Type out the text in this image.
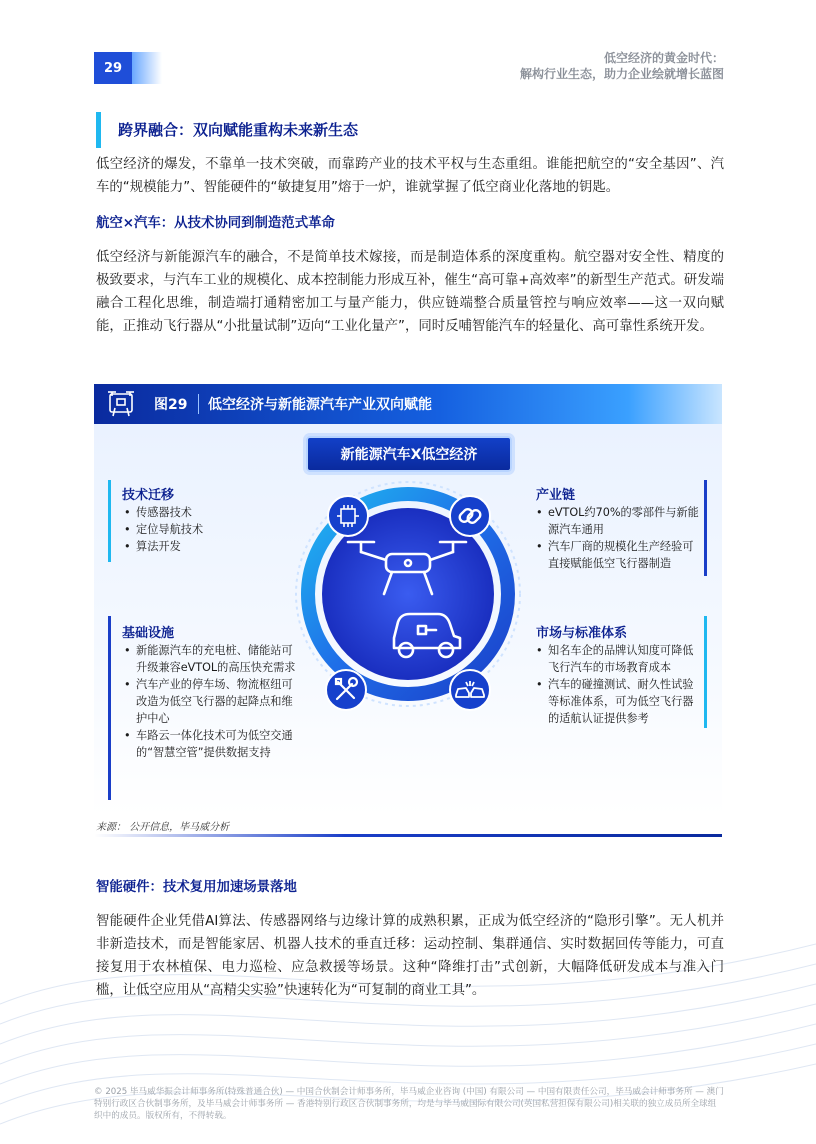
29
低空经济的黄金时代：
解构行业生态，助力企业绘就增长蓝图
跨界融合：双向赋能重构未来新生态

低空经济的爆发，不靠单一技术突破，而靠跨产业的技术平权与生态重组。谁能把航空的“安全基因”、汽车的“规模能力”、智能硬件的“敏捷复用”熔于一炉，谁就掌握了低空商业化落地的钥匙。

航空×汽车：从技术协同到制造范式革命

低空经济与新能源汽车的融合，不是简单技术嫁接，而是制造体系的深度重构。航空器对安全性、精度的极致要求，与汽车工业的规模化、成本控制能力形成互补，催生“高可靠+高效率”的新型生产范式。研发端融合工程化思维，制造端打通精密加工与量产能力，供应链端整合质量管控与响应效率——这一双向赋能，正推动飞行器从“小批量试制”迈向“工业化量产”，同时反哺智能汽车的轻量化、高可靠性系统开发。

图29 低空经济与新能源汽车产业双向赋能
新能源汽车X低空经济
技术迁移
• 传感器技术
• 定位导航技术
• 算法开发
产业链
• eVTOL约70%的零部件与新能源汽车通用
• 汽车厂商的规模化生产经验可直接赋能低空飞行器制造
基础设施
• 新能源汽车的充电桩、储能站可升级兼容eVTOL的高压快充需求
• 汽车产业的停车场、物流枢纽可改造为低空飞行器的起降点和维护中心
• 车路云一体化技术可为低空交通的“智慧空管”提供数据支持
市场与标准体系
• 知名车企的品牌认知度可降低飞行汽车的市场教育成本
• 汽车的碰撞测试、耐久性试验等标准体系，可为低空飞行器的适航认证提供参考
来源： 公开信息，毕马威分析
智能硬件：技术复用加速场景落地

智能硬件企业凭借AI算法、传感器网络与边缘计算的成熟积累，正成为低空经济的“隐形引擎”。无人机并非新造技术，而是智能家居、机器人技术的垂直迁移：运动控制、集群通信、实时数据回传等能力，可直接复用于农林植保、电力巡检、应急救援等场景。这种“降维打击”式创新，大幅降低研发成本与准入门槛，让低空应用从“高精尖实验”快速转化为“可复制的商业工具”。

© 2025 毕马威华振会计师事务所(特殊普通合伙) — 中国合伙制会计师事务所，毕马威企业咨询 (中国) 有限公司 — 中国有限责任公司，毕马威会计师事务所 — 澳门特别行政区合伙制事务所，及毕马威会计师事务所 — 香港特别行政区合伙制事务所，均是与毕马威国际有限公司(英国私营担保有限公司)相关联的独立成员所全球组织中的成员。版权所有，不得转载。
